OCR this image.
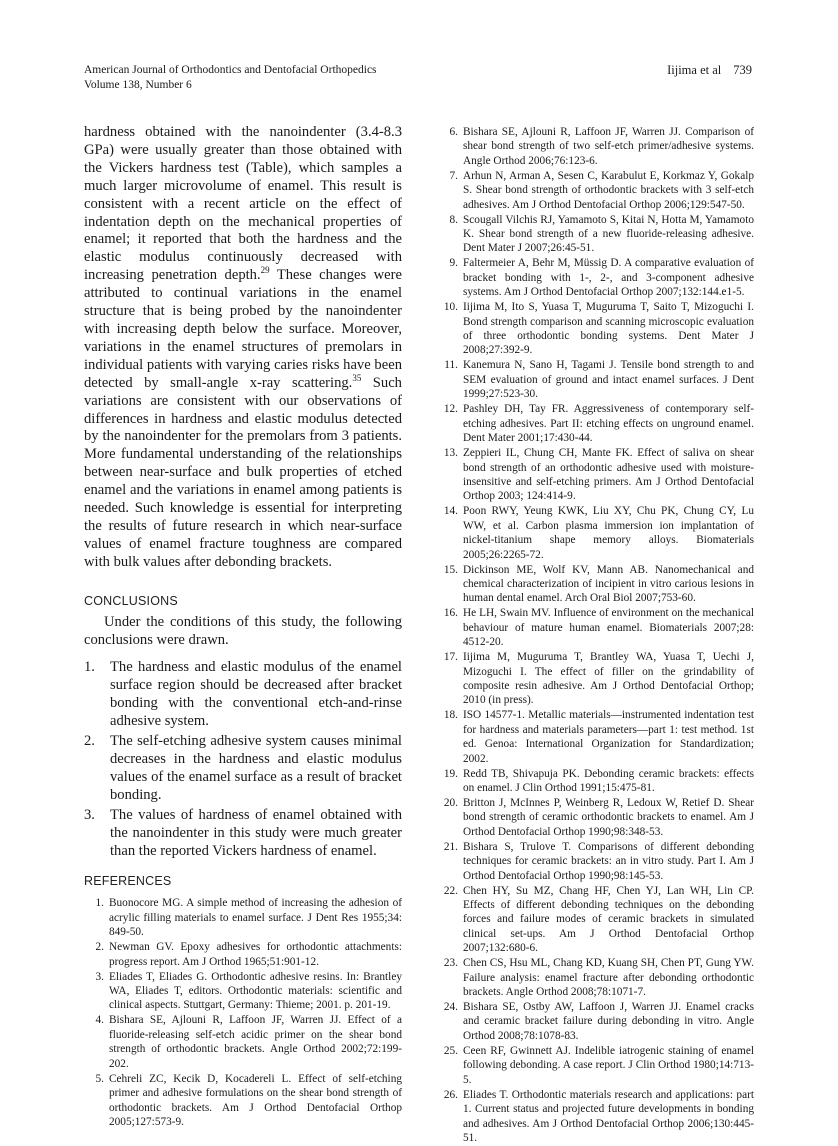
American Journal of Orthodontics and Dentofacial Orthopedics
Volume 138, Number 6
Iijima et al 739

hardness obtained with the nanoindenter (3.4-8.3 GPa) were usually greater than those obtained with the Vickers hardness test (Table), which samples a much larger microvolume of enamel. This result is consistent with a recent article on the effect of indentation depth on the mechanical properties of enamel; it reported that both the hardness and the elastic modulus continuously decreased with increasing penetration depth.$^{29}$ These changes were attributed to continual variations in the enamel structure that is being probed by the nanoindenter with increasing depth below the surface. Moreover, variations in the enamel structures of premolars in individual patients with varying caries risks have been detected by small-angle x-ray scattering.$^{35}$ Such variations are consistent with our observations of differences in hardness and elastic modulus detected by the nanoindenter for the premolars from 3 patients. More fundamental understanding of the relationships between near-surface and bulk properties of etched enamel and the variations in enamel among patients is needed. Such knowledge is essential for interpreting the results of future research in which near-surface values of enamel fracture toughness are compared with bulk values after debonding brackets.

CONCLUSIONS

Under the conditions of this study, the following conclusions were drawn.

1.	The hardness and elastic modulus of the enamel surface region should be decreased after bracket bonding with the conventional etch-and-rinse adhesive system.
2.	The self-etching adhesive system causes minimal decreases in the hardness and elastic modulus values of the enamel surface as a result of bracket bonding.
3.	The values of hardness of enamel obtained with the nanoindenter in this study were much greater than the reported Vickers hardness of enamel.
REFERENCES
1. Buonocore MG. A simple method of increasing the adhesion of acrylic filling materials to enamel surface. J Dent Res 1955;34: 849-50.
2. Newman GV. Epoxy adhesives for orthodontic attachments: progress report. Am J Orthod 1965;51:901-12.
3. Eliades T, Eliades G. Orthodontic adhesive resins. In: Brantley WA, Eliades T, editors. Orthodontic materials: scientific and clinical aspects. Stuttgart, Germany: Thieme; 2001. p. 201-19.
4. Bishara SE, Ajlouni R, Laffoon JF, Warren JJ. Effect of a fluoride-releasing self-etch acidic primer on the shear bond strength of orthodontic brackets. Angle Orthod 2002;72:199-202.
5. Cehreli ZC, Kecik D, Kocadereli L. Effect of self-etching primer and adhesive formulations on the shear bond strength of orthodontic brackets. Am J Orthod Dentofacial Orthop 2005;127:573-9.
6. Bishara SE, Ajlouni R, Laffoon JF, Warren JJ. Comparison of shear bond strength of two self-etch primer/adhesive systems. Angle Orthod 2006;76:123-6.
7. Arhun N, Arman A, Sesen C, Karabulut E, Korkmaz Y, Gokalp S. Shear bond strength of orthodontic brackets with 3 self-etch adhesives. Am J Orthod Dentofacial Orthop 2006;129:547-50.
8. Scougall Vilchis RJ, Yamamoto S, Kitai N, Hotta M, Yamamoto K. Shear bond strength of a new fluoride-releasing adhesive. Dent Mater J 2007;26:45-51.
9. Faltermeier A, Behr M, Müssig D. A comparative evaluation of bracket bonding with 1-, 2-, and 3-component adhesive systems. Am J Orthod Dentofacial Orthop 2007;132:144.e1-5.
10. Iijima M, Ito S, Yuasa T, Muguruma T, Saito T, Mizoguchi I. Bond strength comparison and scanning microscopic evaluation of three orthodontic bonding systems. Dent Mater J 2008;27:392-9.
11. Kanemura N, Sano H, Tagami J. Tensile bond strength to and SEM evaluation of ground and intact enamel surfaces. J Dent 1999;27:523-30.
12. Pashley DH, Tay FR. Aggressiveness of contemporary self-etching adhesives. Part II: etching effects on unground enamel. Dent Mater 2001;17:430-44.
13. Zeppieri IL, Chung CH, Mante FK. Effect of saliva on shear bond strength of an orthodontic adhesive used with moisture-insensitive and self-etching primers. Am J Orthod Dentofacial Orthop 2003; 124:414-9.
14. Poon RWY, Yeung KWK, Liu XY, Chu PK, Chung CY, Lu WW, et al. Carbon plasma immersion ion implantation of nickel-titanium shape memory alloys. Biomaterials 2005;26:2265-72.
15. Dickinson ME, Wolf KV, Mann AB. Nanomechanical and chemical characterization of incipient in vitro carious lesions in human dental enamel. Arch Oral Biol 2007;753-60.
16. He LH, Swain MV. Influence of environment on the mechanical behaviour of mature human enamel. Biomaterials 2007;28: 4512-20.
17. Iijima M, Muguruma T, Brantley WA, Yuasa T, Uechi J, Mizoguchi I. The effect of filler on the grindability of composite resin adhesive. Am J Orthod Dentofacial Orthop; 2010 (in press).
18. ISO 14577-1. Metallic materials—instrumented indentation test for hardness and materials parameters—part 1: test method. 1st ed. Genoa: International Organization for Standardization; 2002.
19. Redd TB, Shivapuja PK. Debonding ceramic brackets: effects on enamel. J Clin Orthod 1991;15:475-81.
20. Britton J, McInnes P, Weinberg R, Ledoux W, Retief D. Shear bond strength of ceramic orthodontic brackets to enamel. Am J Orthod Dentofacial Orthop 1990;98:348-53.
21. Bishara S, Trulove T. Comparisons of different debonding techniques for ceramic brackets: an in vitro study. Part I. Am J Orthod Dentofacial Orthop 1990;98:145-53.
22. Chen HY, Su MZ, Chang HF, Chen YJ, Lan WH, Lin CP. Effects of different debonding techniques on the debonding forces and failure modes of ceramic brackets in simulated clinical set-ups. Am J Orthod Dentofacial Orthop 2007;132:680-6.
23. Chen CS, Hsu ML, Chang KD, Kuang SH, Chen PT, Gung YW. Failure analysis: enamel fracture after debonding orthodontic brackets. Angle Orthod 2008;78:1071-7.
24. Bishara SE, Ostby AW, Laffoon J, Warren JJ. Enamel cracks and ceramic bracket failure during debonding in vitro. Angle Orthod 2008;78:1078-83.
25. Ceen RF, Gwinnett AJ. Indelible iatrogenic staining of enamel following debonding. A case report. J Clin Orthod 1980;14:713-5.
26. Eliades T. Orthodontic materials research and applications: part 1. Current status and projected future developments in bonding and adhesives. Am J Orthod Dentofacial Orthop 2006;130:445-51.
